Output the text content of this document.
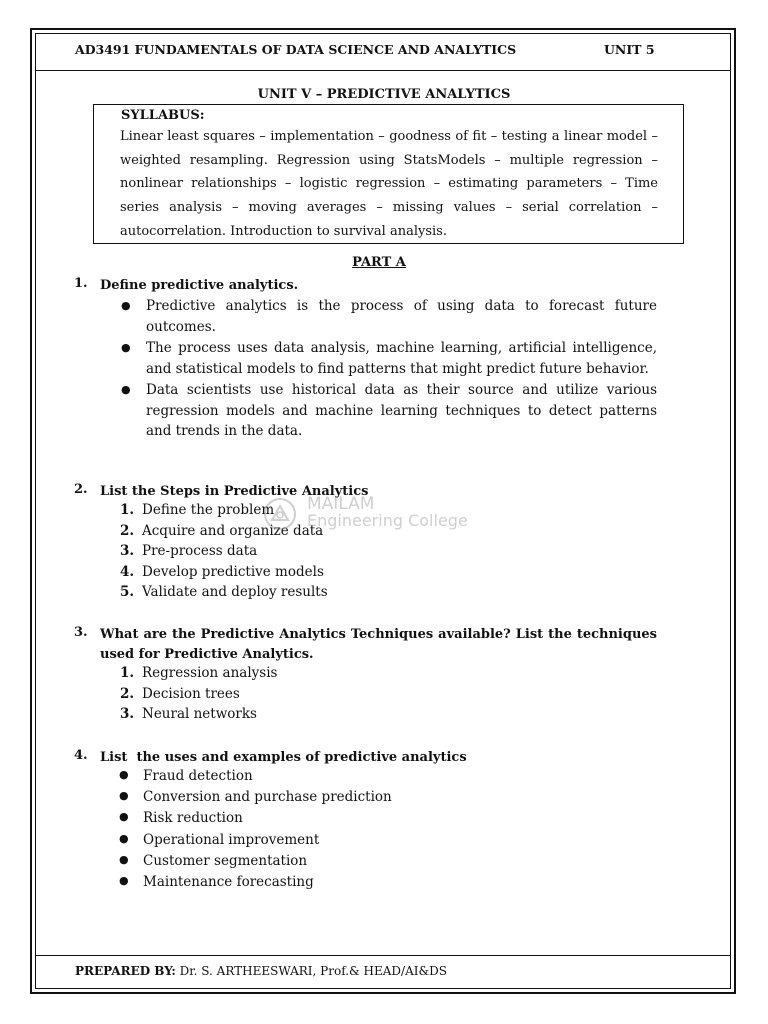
AD3491 FUNDAMENTALS OF DATA SCIENCE AND ANALYTICS	UNIT 5
UNIT V – PREDICTIVE ANALYTICS
SYLLABUS:
Linear least squares – implementation – goodness of fit – testing a linear model – weighted resampling. Regression using StatsModels – multiple regression – nonlinear relationships – logistic regression – estimating parameters – Time series analysis – moving averages – missing values – serial correlation – autocorrelation. Introduction to survival analysis.
PART A
1. Define predictive analytics.
● Predictive analytics is the process of using data to forecast future outcomes.
● The process uses data analysis, machine learning, artificial intelligence, and statistical models to find patterns that might predict future behavior.
● Data scientists use historical data as their source and utilize various regression models and machine learning techniques to detect patterns and trends in the data.
2. List the Steps in Predictive Analytics
1. Define the problem
2. Acquire and organize data
3. Pre-process data
4. Develop predictive models
5. Validate and deploy results
MAILAM
Engineering College
3. What are the Predictive Analytics Techniques available? List the techniques used for Predictive Analytics.
1. Regression analysis
2. Decision trees
3. Neural networks
4. List  the uses and examples of predictive analytics
● Fraud detection
● Conversion and purchase prediction
● Risk reduction
● Operational improvement
● Customer segmentation
● Maintenance forecasting
PREPARED BY: Dr. S. ARTHEESWARI, Prof.& HEAD/AI&DS
